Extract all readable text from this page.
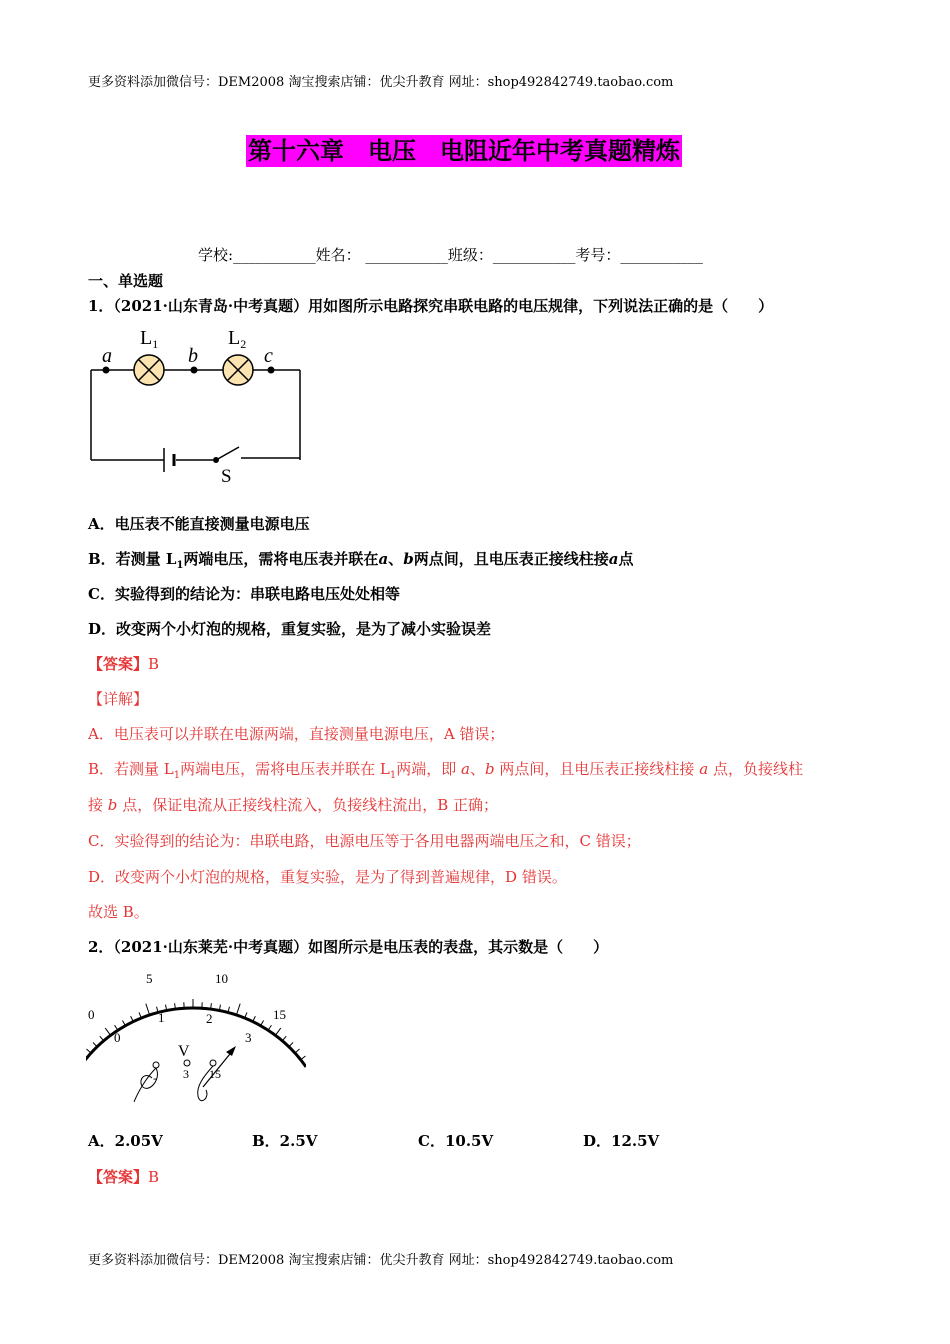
更多资料添加微信号：DEM2008 淘宝搜索店铺：优尖升教育 网址：shop492842749.taobao.com
第十六章　电压　电阻近年中考真题精炼
学校:___________姓名： ___________班级：___________考号：___________
一、单选题
1．（2021·山东青岛·中考真题）用如图所示电路探究串联电路的电压规律，下列说法正确的是（　　）
$L_1$	$L_2$
a	b	c
S
A．电压表不能直接测量电源电压
B．若测量 $L_1$两端电压，需将电压表并联在a、b两点间，且电压表正接线柱接a点
C．实验得到的结论为：串联电路电压处处相等
D．改变两个小灯泡的规格，重复实验，是为了减小实验误差
【答案】B
【详解】
A．电压表可以并联在电源两端，直接测量电源电压，A 错误；
B．若测量 $L_1$两端电压，需将电压表并联在 $L_1$两端，即 a、b 两点间，且电压表正接线柱接 a 点，负接线柱
接 b 点，保证电流从正接线柱流入，负接线柱流出，B 正确；
C．实验得到的结论为：串联电路，电源电压等于各用电器两端电压之和，C 错误；
D．改变两个小灯泡的规格，重复实验，是为了得到普遍规律，D 错误。
故选 B。
2．（2021·山东莱芜·中考真题）如图所示是电压表的表盘，其示数是（　　）
0
5	10
15
0
1	2
3
V
- 3 15
A．2.05V	B．2.5V	C．10.5V	D．12.5V
【答案】B
更多资料添加微信号：DEM2008 淘宝搜索店铺：优尖升教育 网址：shop492842749.taobao.com
